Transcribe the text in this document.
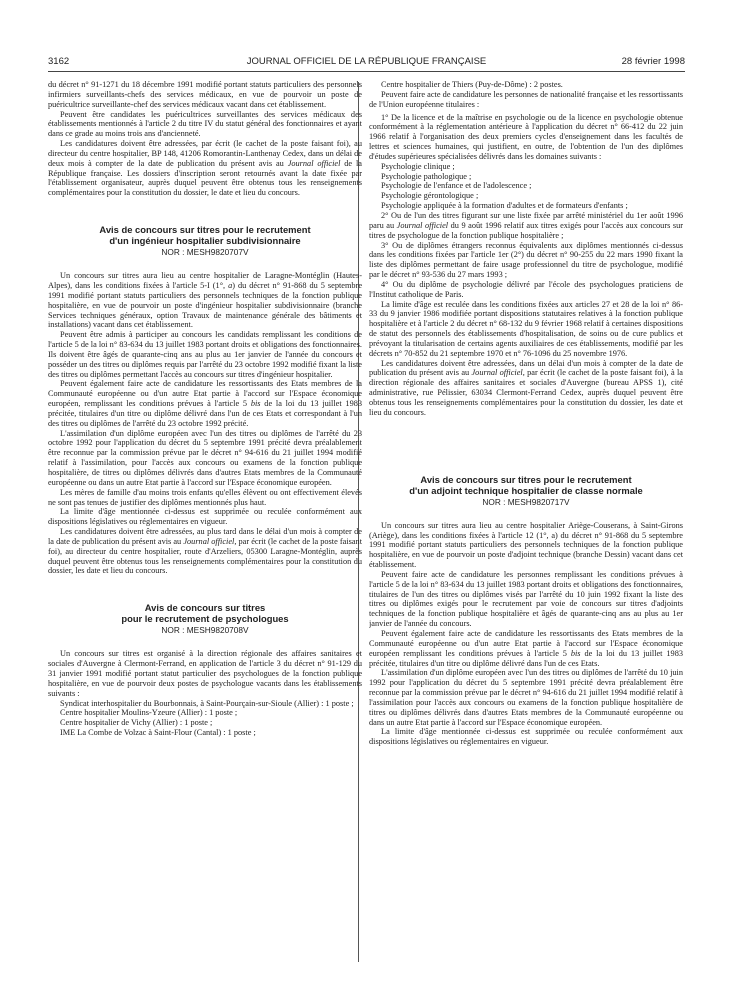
3162	JOURNAL OFFICIEL DE LA RÉPUBLIQUE FRANÇAISE	28 février 1998

du décret n° 91-1271 du 18 décembre 1991 modifié portant statuts particuliers des personnels infirmiers surveillants-chefs des services médicaux, en vue de pourvoir un poste de puéricultrice surveillante-chef des services médicaux vacant dans cet établissement.

Peuvent être candidates les puéricultrices surveillantes des services médicaux des établissements mentionnés à l'article 2 du titre IV du statut général des fonctionnaires et ayant dans ce grade au moins trois ans d'ancienneté.

Les candidatures doivent être adressées, par écrit (le cachet de la poste faisant foi), au directeur du centre hospitalier, BP 148, 41206 Romorantin-Lanthenay Cedex, dans un délai de deux mois à compter de la date de publication du présent avis au Journal officiel de la République française. Les dossiers d'inscription seront retournés avant la date fixée par l'établissement organisateur, auprès duquel peuvent être obtenus tous les renseignements complémentaires pour la constitution du dossier, le date et lieu du concours.

Avis de concours sur titres pour le recrutement
d'un ingénieur hospitalier subdivisionnaire
NOR : MESH9820707V

Un concours sur titres aura lieu au centre hospitalier de Laragne-Montéglin (Hautes-Alpes), dans les conditions fixées à l'article 5-I (1°, a) du décret n° 91-868 du 5 septembre 1991 modifié portant statuts particuliers des personnels techniques de la fonction publique hospitalière, en vue de pourvoir un poste d'ingénieur hospitalier subdivisionnaire (branche Services techniques généraux, option Travaux de maintenance générale des bâtiments et installations) vacant dans cet établissement.

Peuvent être admis à participer au concours les candidats remplissant les conditions de l'article 5 de la loi n° 83-634 du 13 juillet 1983 portant droits et obligations des fonctionnaires. Ils doivent être âgés de quarante-cinq ans au plus au 1er janvier de l'année du concours et posséder un des titres ou diplômes requis par l'arrêté du 23 octobre 1992 modifié fixant la liste des titres ou diplômes permettant l'accès au concours sur titres d'ingénieur hospitalier.

Peuvent également faire acte de candidature les ressortissants des Etats membres de la Communauté européenne ou d'un autre Etat partie à l'accord sur l'Espace économique européen, remplissant les conditions prévues à l'article 5 bis de la loi du 13 juillet 1983 précitée, titulaires d'un titre ou diplôme délivré dans l'un de ces Etats et correspondant à l'un des titres ou diplômes de l'arrêté du 23 octobre 1992 précité.

L'assimilation d'un diplôme européen avec l'un des titres ou diplômes de l'arrêté du 23 octobre 1992 pour l'application du décret du 5 septembre 1991 précité devra préalablement être reconnue par la commission prévue par le décret n° 94-616 du 21 juillet 1994 modifié relatif à l'assimilation, pour l'accès aux concours ou examens de la fonction publique hospitalière, de titres ou diplômes délivrés dans d'autres Etats membres de la Communauté européenne ou dans un autre Etat partie à l'accord sur l'Espace économique européen.

Les mères de famille d'au moins trois enfants qu'elles élèvent ou ont effectivement élevés ne sont pas tenues de justifier des diplômes mentionnés plus haut.

La limite d'âge mentionnée ci-dessus est supprimée ou reculée conformément aux dispositions législatives ou réglementaires en vigueur.

Les candidatures doivent être adressées, au plus tard dans le délai d'un mois à compter de la date de publication du présent avis au Journal officiel, par écrit (le cachet de la poste faisant foi), au directeur du centre hospitalier, route d'Arzeliers, 05300 Laragne-Montéglin, auprès duquel peuvent être obtenus tous les renseignements complémentaires pour la constitution du dossier, les date et lieu du concours.

Avis de concours sur titres
pour le recrutement de psychologues
NOR : MESH9820708V

Un concours sur titres est organisé à la direction régionale des affaires sanitaires et sociales d'Auvergne à Clermont-Ferrand, en application de l'article 3 du décret n° 91-129 du 31 janvier 1991 modifié portant statut particulier des psychologues de la fonction publique hospitalière, en vue de pourvoir deux postes de psychologue vacants dans les établissements suivants :

Syndicat interhospitalier du Bourbonnais, à Saint-Pourçain-sur-Sioule (Allier) : 1 poste ;

Centre hospitalier Moulins-Yzeure (Allier) : 1 poste ;

Centre hospitalier de Vichy (Allier) : 1 poste ;

IME La Combe de Volzac à Saint-Flour (Cantal) : 1 poste ;

Centre hospitalier de Thiers (Puy-de-Dôme) : 2 postes.

Peuvent faire acte de candidature les personnes de nationalité française et les ressortissants de l'Union européenne titulaires :

1° De la licence et de la maîtrise en psychologie ou de la licence en psychologie obtenue conformément à la réglementation antérieure à l'application du décret n° 66-412 du 22 juin 1966 relatif à l'organisation des deux premiers cycles d'enseignement dans les facultés de lettres et sciences humaines, qui justifient, en outre, de l'obtention de l'un des diplômes d'études supérieures spécialisées délivrés dans les domaines suivants :

Psychologie clinique ;

Psychologie pathologique ;

Psychologie de l'enfance et de l'adolescence ;

Psychologie gérontologique ;

Psychologie appliquée à la formation d'adultes et de formateurs d'enfants ;

2° Ou de l'un des titres figurant sur une liste fixée par arrêté ministériel du 1er août 1996 paru au Journal officiel du 9 août 1996 relatif aux titres exigés pour l'accès aux concours sur titres de psychologue de la fonction publique hospitalière ;

3° Ou de diplômes étrangers reconnus équivalents aux diplômes mentionnés ci-dessus dans les conditions fixées par l'article 1er (2°) du décret n° 90-255 du 22 mars 1990 fixant la liste des diplômes permettant de faire usage professionnel du titre de psychologue, modifié par le décret n° 93-536 du 27 mars 1993 ;

4° Ou du diplôme de psychologie délivré par l'école des psychologues praticiens de l'Institut catholique de Paris.

La limite d'âge est reculée dans les conditions fixées aux articles 27 et 28 de la loi n° 86-33 du 9 janvier 1986 modifiée portant dispositions statutaires relatives à la fonction publique hospitalière et à l'article 2 du décret n° 68-132 du 9 février 1968 relatif à certaines dispositions de statut des personnels des établissements d'hospitalisation, de soins ou de cure publics et prévoyant la titularisation de certains agents auxiliaires de ces établissements, modifié par les décrets n° 70-852 du 21 septembre 1970 et n° 76-1096 du 25 novembre 1976.

Les candidatures doivent être adressées, dans un délai d'un mois à compter de la date de publication du présent avis au Journal officiel, par écrit (le cachet de la poste faisant foi), à la direction régionale des affaires sanitaires et sociales d'Auvergne (bureau APSS 1), cité administrative, rue Pélissier, 63034 Clermont-Ferrand Cedex, auprès duquel peuvent être obtenus tous les renseignements complémentaires pour la constitution du dossier, les date et lieu du concours.

Avis de concours sur titres pour le recrutement
d'un adjoint technique hospitalier de classe normale
NOR : MESH9820717V

Un concours sur titres aura lieu au centre hospitalier Ariège-Couserans, à Saint-Girons (Ariège), dans les conditions fixées à l'article 12 (1°, a) du décret n° 91-868 du 5 septembre 1991 modifié portant statuts particuliers des personnels techniques de la fonction publique hospitalière, en vue de pourvoir un poste d'adjoint technique (branche Dessin) vacant dans cet établissement.

Peuvent faire acte de candidature les personnes remplissant les conditions prévues à l'article 5 de la loi n° 83-634 du 13 juillet 1983 portant droits et obligations des fonctionnaires, titulaires de l'un des titres ou diplômes visés par l'arrêté du 10 juin 1992 fixant la liste des titres ou diplômes exigés pour le recrutement par voie de concours sur titres d'adjoints techniques de la fonction publique hospitalière et âgés de quarante-cinq ans au plus au 1er janvier de l'année du concours.

Peuvent également faire acte de candidature les ressortissants des Etats membres de la Communauté européenne ou d'un autre Etat partie à l'accord sur l'Espace économique européen remplissant les conditions prévues à l'article 5 bis de la loi du 13 juillet 1983 précitée, titulaires d'un titre ou diplôme délivré dans l'un de ces Etats.

L'assimilation d'un diplôme européen avec l'un des titres ou diplômes de l'arrêté du 10 juin 1992 pour l'application du décret du 5 septembre 1991 précité devra préalablement être reconnue par la commission prévue par le décret n° 94-616 du 21 juillet 1994 modifié relatif à l'assimilation pour l'accès aux concours ou examens de la fonction publique hospitalière de titres ou diplômes délivrés dans d'autres Etats membres de la Communauté européenne ou dans un autre Etat partie à l'accord sur l'Espace économique européen.

La limite d'âge mentionnée ci-dessus est supprimée ou reculée conformément aux dispositions législatives ou réglementaires en vigueur.
